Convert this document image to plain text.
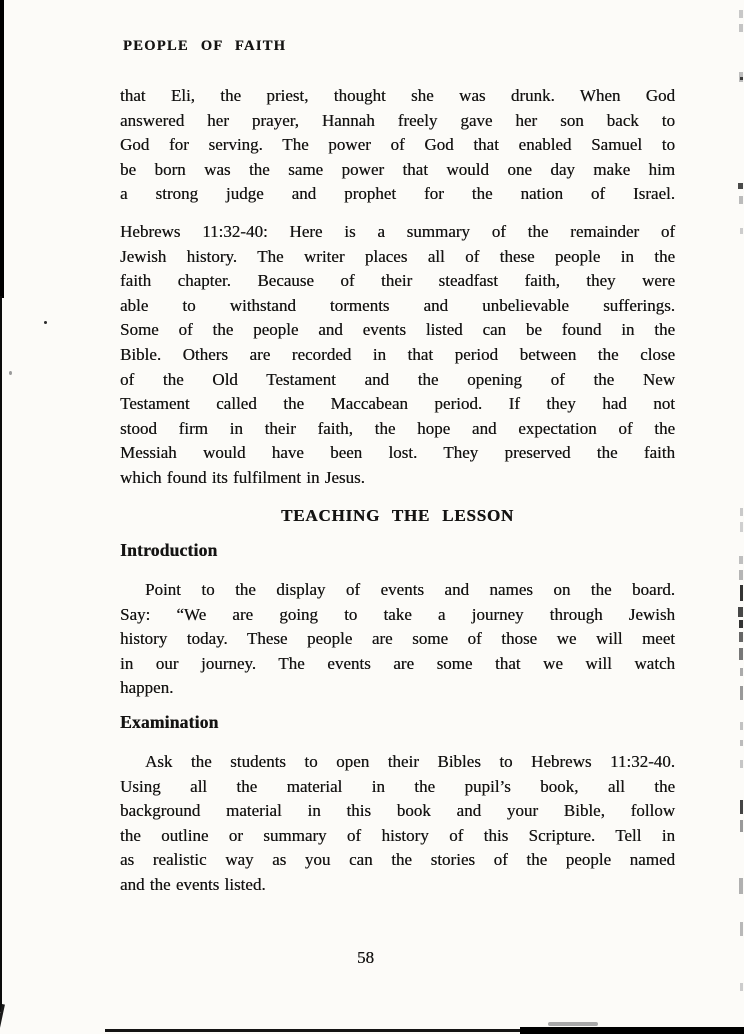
PEOPLE OF FAITH
that Eli, the priest, thought she was drunk. When God
answered her prayer, Hannah freely gave her son back to
God for serving. The power of God that enabled Samuel to
be born was the same power that would one day make him
a strong judge and prophet for the nation of Israel.
Hebrews 11:32-40: Here is a summary of the remainder of
Jewish history. The writer places all of these people in the
faith chapter. Because of their steadfast faith, they were
able to withstand torments and unbelievable sufferings.
Some of the people and events listed can be found in the
Bible. Others are recorded in that period between the close
of the Old Testament and the opening of the New
Testament called the Maccabean period. If they had not
stood firm in their faith, the hope and expectation of the
Messiah would have been lost. They preserved the faith
which found its fulfilment in Jesus.
TEACHING THE LESSON
Introduction
Point to the display of events and names on the board.
Say: “We are going to take a journey through Jewish
history today. These people are some of those we will meet
in our journey. The events are some that we will watch
happen.
Examination
Ask the students to open their Bibles to Hebrews 11:32-40.
Using all the material in the pupil’s book, all the
background material in this book and your Bible, follow
the outline or summary of history of this Scripture. Tell in
as realistic way as you can the stories of the people named
and the events listed.
58
